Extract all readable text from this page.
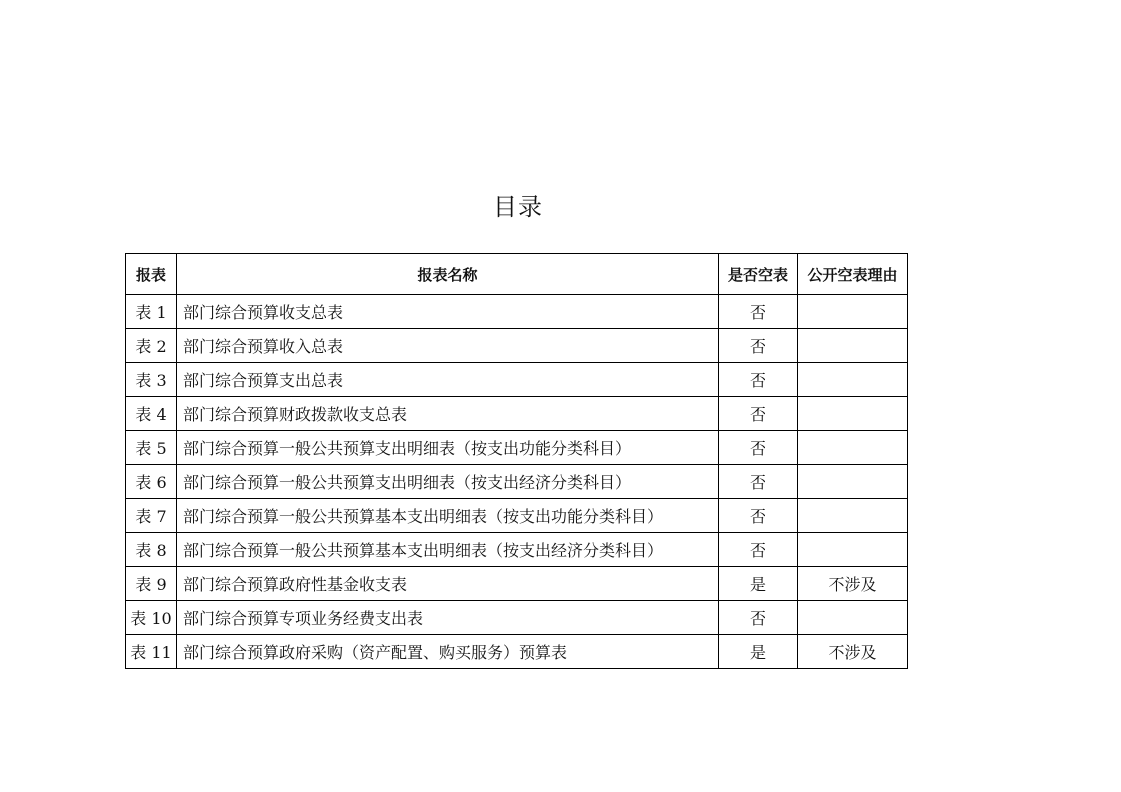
目录
报表	报表名称	是否空表	公开空表理由
表 1	部门综合预算收支总表	否	
表 2	部门综合预算收入总表	否	
表 3	部门综合预算支出总表	否	
表 4	部门综合预算财政拨款收支总表	否	
表 5	部门综合预算一般公共预算支出明细表（按支出功能分类科目）	否	
表 6	部门综合预算一般公共预算支出明细表（按支出经济分类科目）	否	
表 7	部门综合预算一般公共预算基本支出明细表（按支出功能分类科目）	否	
表 8	部门综合预算一般公共预算基本支出明细表（按支出经济分类科目）	否	
表 9	部门综合预算政府性基金收支表	是	不涉及
表 10	部门综合预算专项业务经费支出表	否	
表 11	部门综合预算政府采购（资产配置、购买服务）预算表	是	不涉及
